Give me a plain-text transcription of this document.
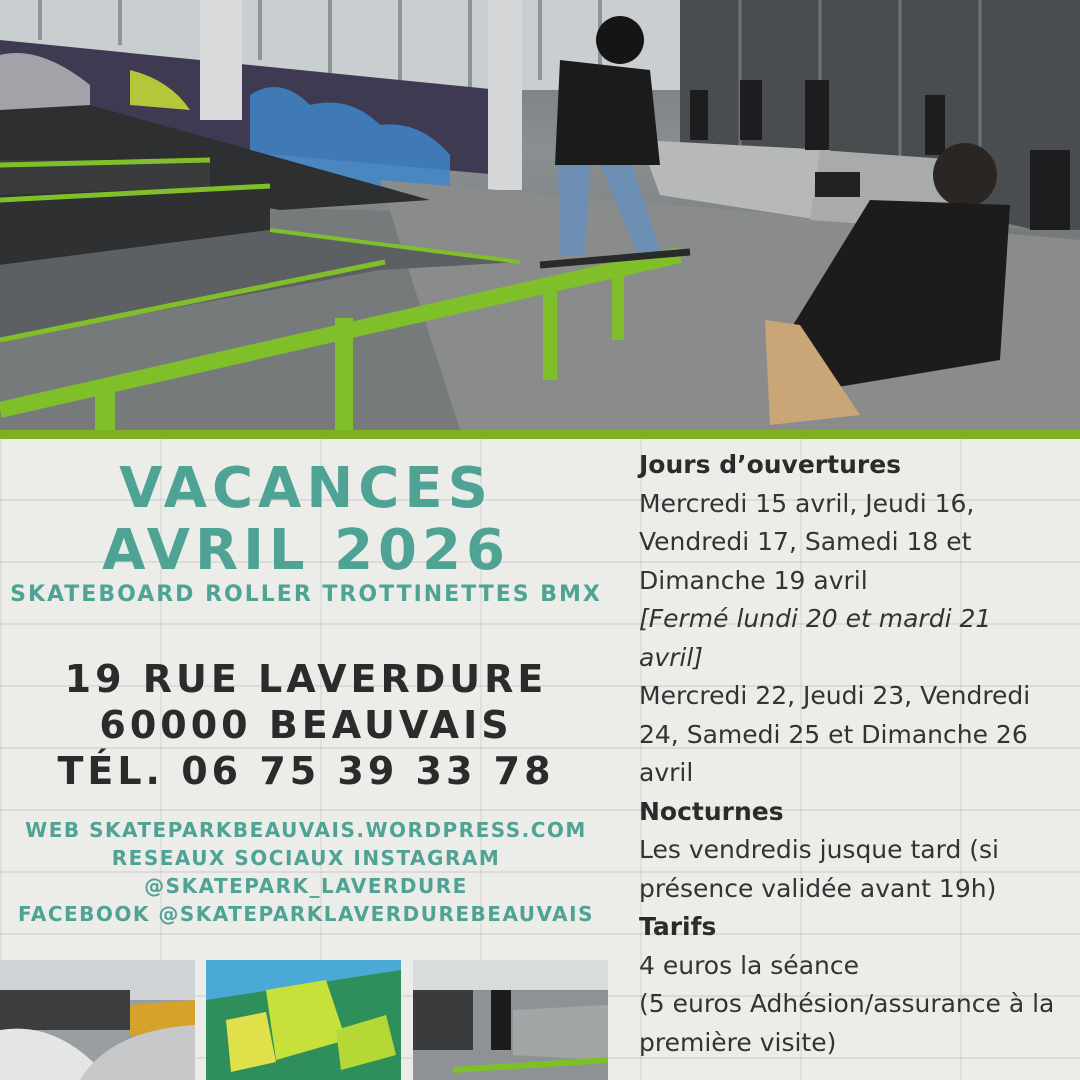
VACANCES
AVRIL 2026
SKATEBOARD ROLLER TROTTINETTES BMX
19 RUE LAVERDURE
60000 BEAUVAIS
TÉL. 06 75 39 33 78
WEB SKATEPARKBEAUVAIS.WORDPRESS.COM
RESEAUX SOCIAUX INSTAGRAM
@SKATEPARK_LAVERDURE
FACEBOOK @SKATEPARKLAVERDUREBEAUVAIS

Jours d’ouvertures

Mercredi 15 avril, Jeudi 16, Vendredi 17, Samedi 18 et Dimanche 19 avril

[Fermé lundi 20 et mardi 21 avril]

Mercredi 22, Jeudi 23, Vendredi 24, Samedi 25 et Dimanche 26 avril

Nocturnes

Les vendredis jusque tard (si présence validée avant 19h)

Tarifs

4 euros la séance

(5 euros Adhésion/assurance à la première visite)
